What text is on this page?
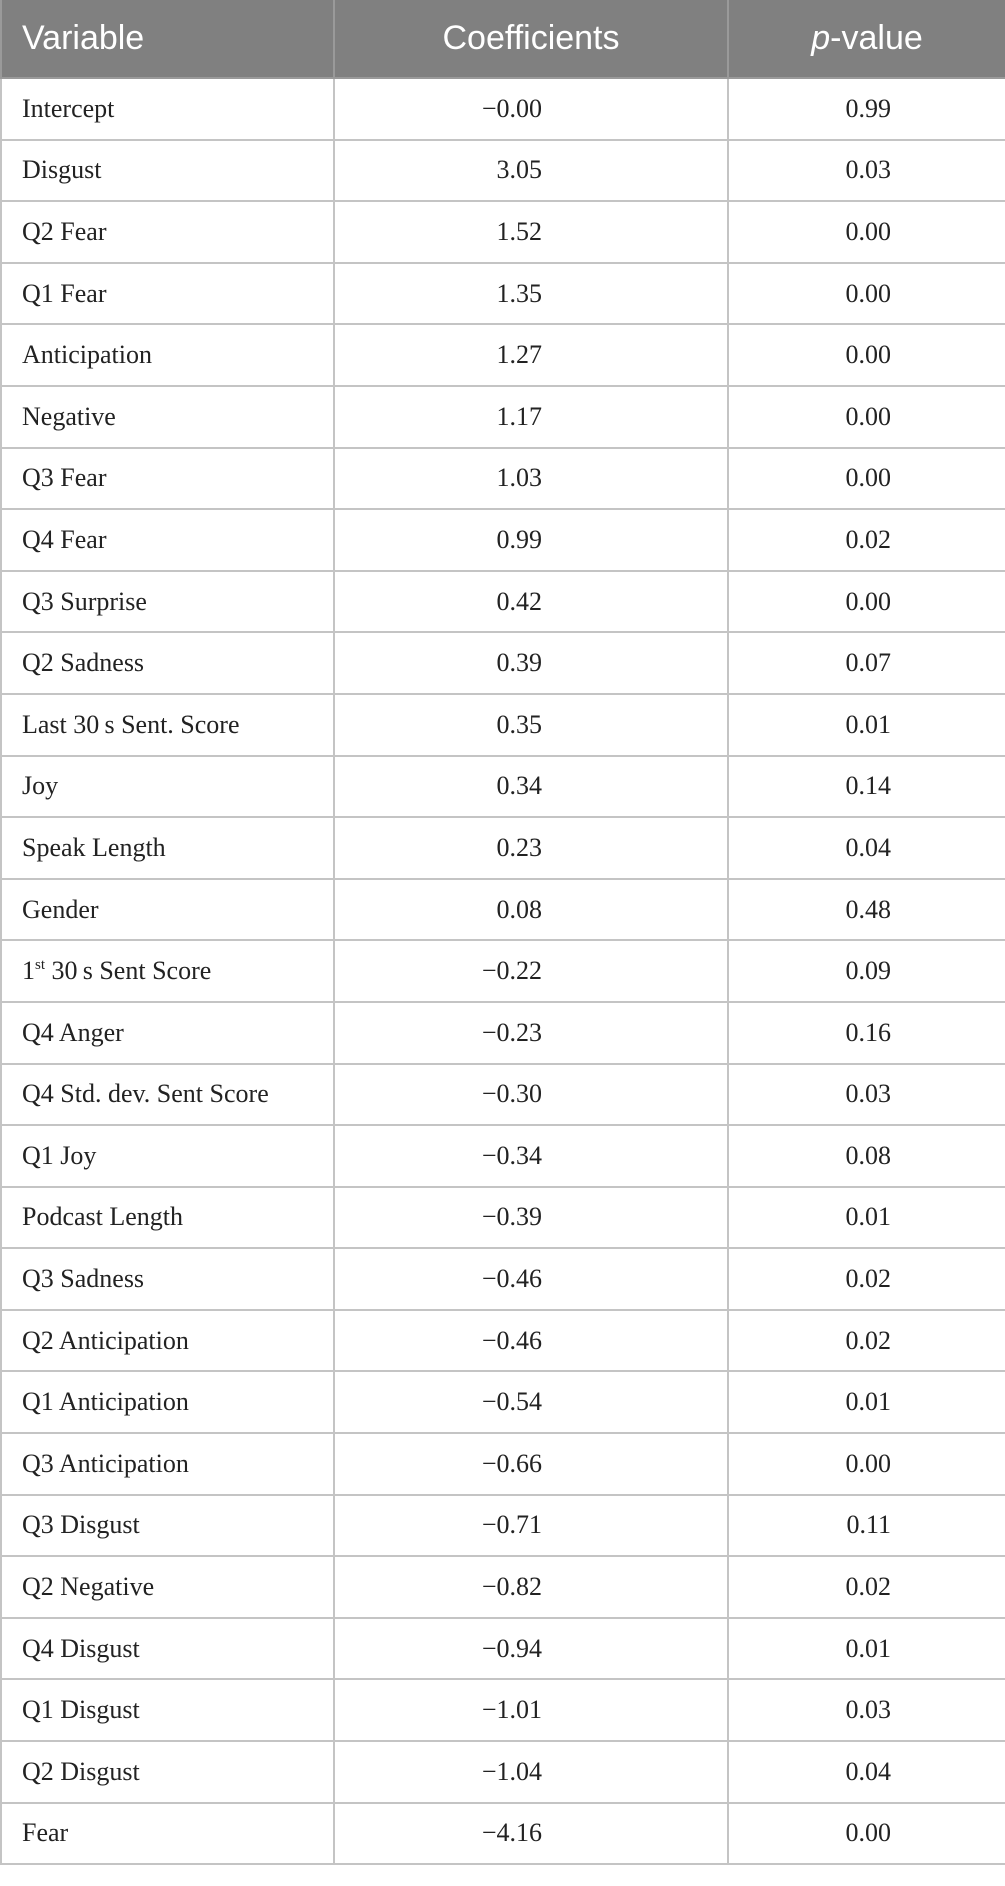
Variable	Coefficients	p-value
Intercept	−0.00	0.99
Disgust	3.05	0.03
Q2 Fear	1.52	0.00
Q1 Fear	1.35	0.00
Anticipation	1.27	0.00
Negative	1.17	0.00
Q3 Fear	1.03	0.00
Q4 Fear	0.99	0.02
Q3 Surprise	0.42	0.00
Q2 Sadness	0.39	0.07
Last 30 s Sent. Score	0.35	0.01
Joy	0.34	0.14
Speak Length	0.23	0.04
Gender	0.08	0.48
1st 30 s Sent Score	−0.22	0.09
Q4 Anger	−0.23	0.16
Q4 Std. dev. Sent Score	−0.30	0.03
Q1 Joy	−0.34	0.08
Podcast Length	−0.39	0.01
Q3 Sadness	−0.46	0.02
Q2 Anticipation	−0.46	0.02
Q1 Anticipation	−0.54	0.01
Q3 Anticipation	−0.66	0.00
Q3 Disgust	−0.71	0.11
Q2 Negative	−0.82	0.02
Q4 Disgust	−0.94	0.01
Q1 Disgust	−1.01	0.03
Q2 Disgust	−1.04	0.04
Fear	−4.16	0.00
